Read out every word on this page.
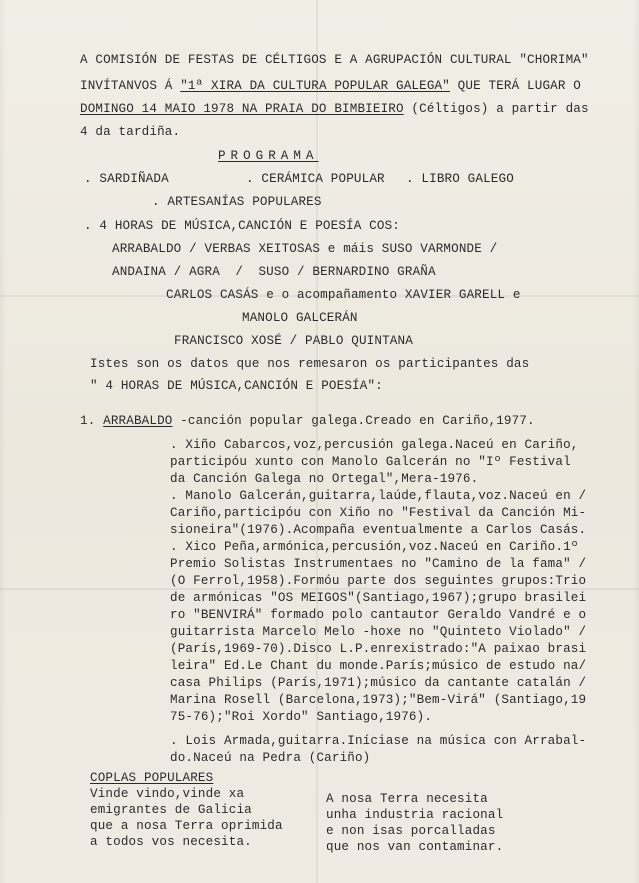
A COMISIÓN DE FESTAS DE CÉLTIGOS E A AGRUPACIÓN CULTURAL "CHORIMA"
INVÍTANVOS Á "1ª XIRA DA CULTURA POPULAR GALEGA" QUE TERÁ LUGAR O
DOMINGO 14 MAIO 1978 NA PRAIA DO BIMBIEIRO (Céltigos) a partir das
4 da tardiña.
PROGRAMA
. SARDIÑADA	. CERÁMICA POPULAR . LIBRO GALEGO
. ARTESANÍAS POPULARES
. 4 HORAS DE MÚSICA,CANCIÓN E POESÍA COS:
ARRABALDO / VERBAS XEITOSAS e máis SUSO VARMONDE /
ANDAINA / AGRA  /  SUSO / BERNARDINO GRAÑA
CARLOS CASÁS e o acompañamento XAVIER GARELL e
MANOLO GALCERÁN
FRANCISCO XOSÉ / PABLO QUINTANA
Istes son os datos que nos remesaron os participantes das
" 4 HORAS DE MÚSICA,CANCIÓN E POESÍA":
1. ARRABALDO -canción popular galega.Creado en Cariño,1977.
. Xiño Cabarcos,voz,percusión galega.Naceú en Cariño,
participóu xunto con Manolo Galcerán no "Iº Festival
da Canción Galega no Ortegal",Mera-1976.
. Manolo Galcerán,guitarra,laúde,flauta,voz.Naceú en /
Cariño,participóu con Xiño no "Festival da Canción Mi-
sioneira"(1976).Acompaña eventualmente a Carlos Casás.
. Xico Peña,armónica,percusión,voz.Naceú en Cariño.1º
Premio Solistas Instrumentaes no "Camino de la fama" /
(O Ferrol,1958).Formóu parte dos seguintes grupos:Trio
de armónicas "OS MEIGOS"(Santiago,1967);grupo brasilei
ro "BENVIRÁ" formado polo cantautor Geraldo Vandré e o
guitarrista Marcelo Melo -hoxe no "Quinteto Violado" /
(París,1969-70).Disco L.P.enrexistrado:"A paixao brasi
leira" Ed.Le Chant du monde.París;músico de estudo na/
casa Philips (París,1971);músico da cantante catalán /
Marina Rosell (Barcelona,1973);"Bem-Virá" (Santiago,19
75-76);"Roi Xordo" Santiago,1976).
. Lois Armada,guitarra.Iníciase na música con Arrabal-
do.Naceú na Pedra (Cariño)
COPLAS POPULARES
Vinde vindo,vinde xa
emigrantes de Galicia
que a nosa Terra oprimida
a todos vos necesita.
A nosa Terra necesita
unha industria racional
e non isas porcalladas
que nos van contaminar.
